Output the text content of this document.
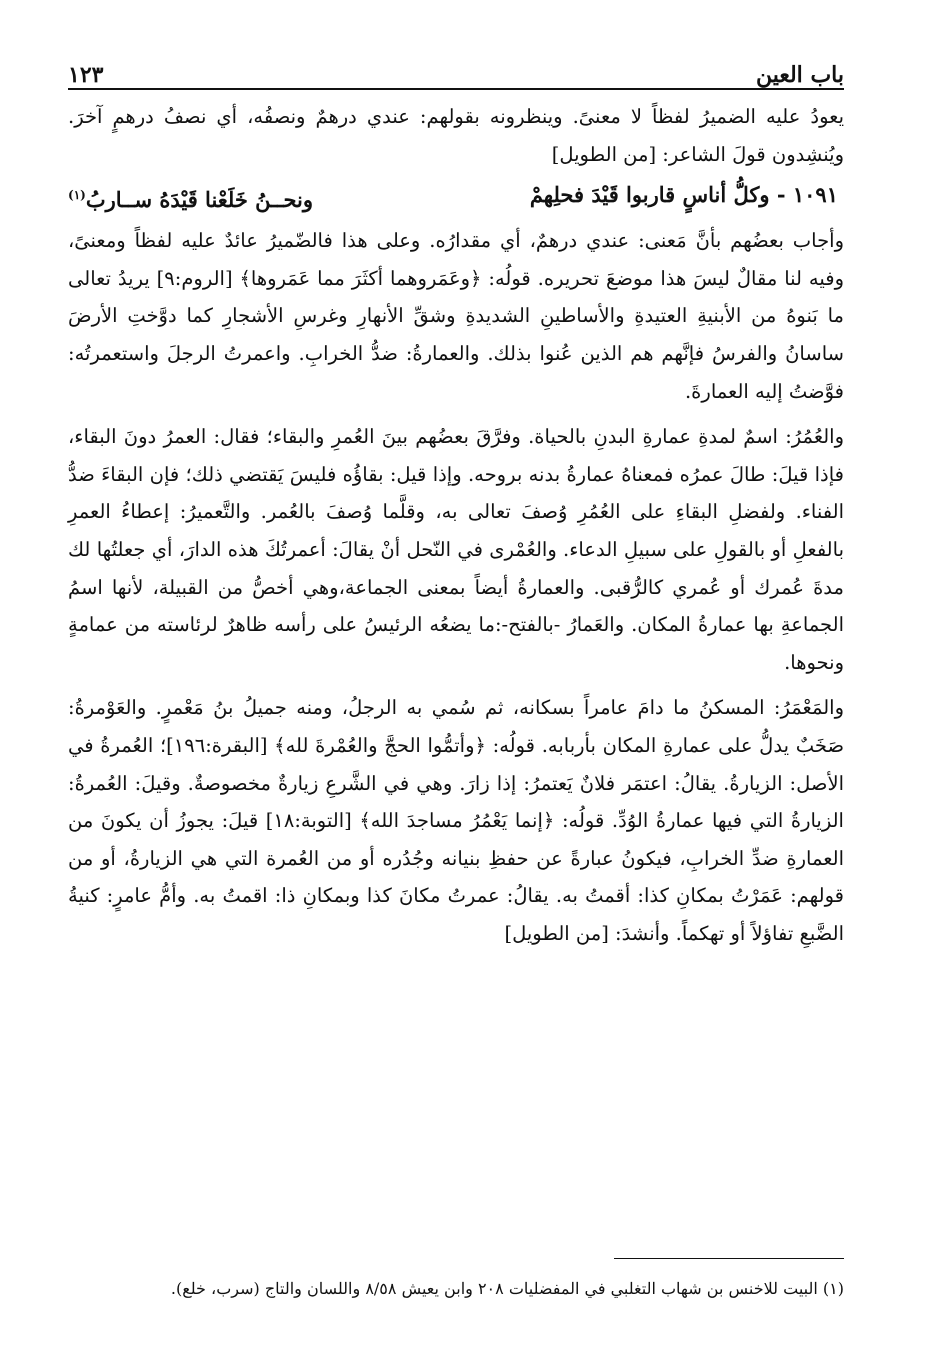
باب العين
١٢٣

يعودُ عليه الضميرُ لفظاً لا معنىً. وينظرونه بقولهم: عندي درهمٌ ونصفُه، أي نصفُ درهمٍ آخرَ. ويُنشِدون قولَ الشاعر: [من الطويل]

١٠٩١ - وكلُّ أناسٍ قاربوا قَيْدَ فحلِهمْ
ونحــنُ خَلَعْنا قَيْدَهُ ســاربُ$^{(١)}$

وأجاب بعضُهم بأنَّ مَعنى: عندي درهمٌ، أي مقدارُه. وعلى هذا فالضّميرُ عائدٌ عليه لفظاً ومعنىً، وفيه لنا مقالٌ ليسَ هذا موضعَ تحريره. قولُه: ﴿وعَمَروهما أكثَرَ مما عَمَروها﴾ [الروم:٩] يريدُ تعالى ما بَنوهُ من الأبنيةِ العتيدةِ والأساطينِ الشديدةِ وشقِّ الأنهارِ وغرسِ الأشجارِ كما دوَّختِ الأرضَ ساسانُ والفرسُ فإنَّهم هم الذين عُنوا بذلك. والعمارةُ: ضدُّ الخرابِ. واعمرتُ الرجلَ واستعمرتُه: فوَّضتُ إليه العمارةَ.

والعُمُرُ: اسمٌ لمدةِ عمارةِ البدنِ بالحياة. وفرَّقَ بعضُهم بينَ العُمرِ والبقاء؛ فقال: العمرُ دونَ البقاء، فإذا قيلَ: طالَ عمرُه فمعناهُ عمارةُ بدنه بروحه. وإذا قيل: بقاؤُه فليسَ يَقتضي ذلك؛ فإن البقاءَ ضدُّ الفناء. ولفضلِ البقاءِ على العُمُرِ وُصفَ تعالى به، وقلَّما وُصفَ بالعُمر. والتَّعميرُ: إعطاءُ العمرِ بالفعلِ أو بالقولِ على سبيلِ الدعاء. والعُمْرى في النّحل أنْ يقالَ: أعمرتُكَ هذه الدارَ، أي جعلتُها لك مدةَ عُمرك أو عُمري كالرُّقبى. والعمارةُ أيضاً بمعنى الجماعة،وهي أخصُّ من القبيلة، لأنها اسمُ الجماعةِ بها عمارةُ المكان. والعَمارُ -بالفتح-:ما يضعُه الرئيسُ على رأسه ظاهرٌ لرئاسته من عمامةٍ ونحوها.

والمَعْمَرُ: المسكنُ ما دامَ عامراً بسكانه، ثم سُمي به الرجلُ، ومنه جميلُ بنُ مَعْمرٍ. والعَوْمرةُ: صَخَبٌ يدلُّ على عمارةِ المكان بأربابه. قولُه: ﴿وأتمُّوا الحجَّ والعُمْرةَ لله﴾ [البقرة:١٩٦]؛ العُمرةُ في الأصل: الزيارةُ. يقالُ: اعتمَر فلانٌ يَعتمرُ: إذا زارَ. وهي في الشَّرعِ زيارةٌ مخصوصةٌ. وقيلَ: العُمرةُ: الزيارةُ التي فيها عمارةُ الوُدِّ. قولُه: ﴿إنما يَعْمُرُ مساجدَ الله﴾ [التوبة:١٨] قيلَ: يجوزُ أن يكونَ من العمارةِ ضدِّ الخرابِ، فيكونُ عبارةً عن حفظِ بنيانه وجُدُره أو من العُمرة التي هي الزيارةُ، أو من قولهم: عَمَرْتُ بمكانِ كذا: أقمتُ به. يقالُ: عمرتُ مكانَ كذا وبمكانِ ذا: اقمتُ به. وأمُّ عامرٍ: كنيةُ الضَّبعِ تفاؤلاً أو تهكماً. وأنشدَ: [من الطويل]

(١) البيت للاخنس بن شهاب التغلبي في المفضليات ٢٠٨ وابن يعيش ٨/٥٨ واللسان والتاج (سرب، خلع).
